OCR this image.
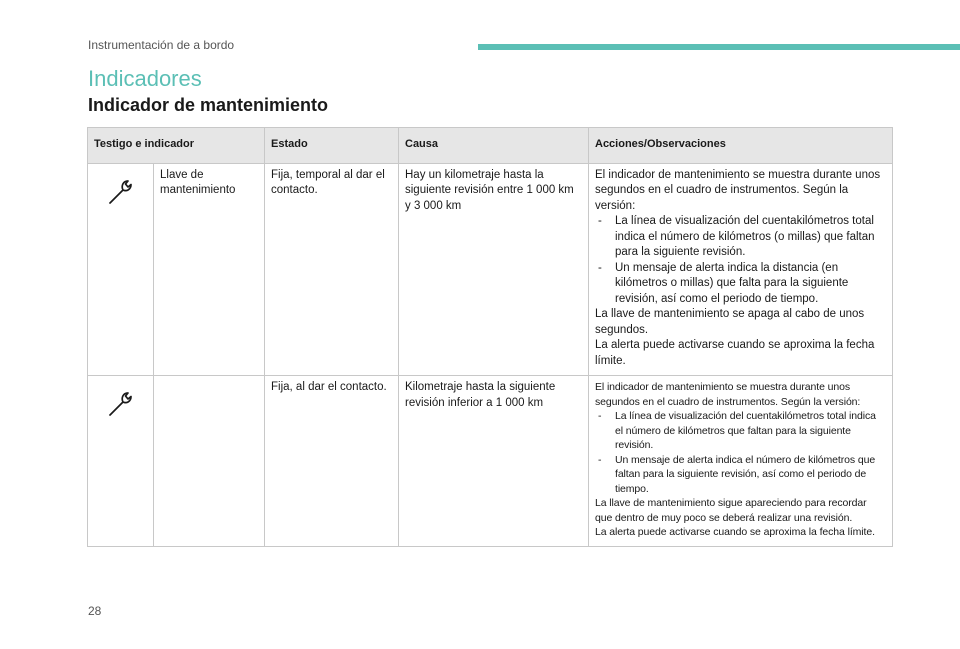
Instrumentación de a bordo
Indicadores
Indicador de mantenimiento
Testigo e indicador		Estado	Causa	Acciones/Observaciones

	Llave de mantenimiento	Fija, temporal al dar el contacto.	Hay un kilometraje hasta la siguiente revisión entre 1 000 km y 3 000 km	El indicador de mantenimiento se muestra durante unos segundos en el cuadro de instrumentos. Según la versión:

- La línea de visualización del cuentakilómetros total indica el número de kilómetros (o millas) que faltan para la siguiente revisión.

- Un mensaje de alerta indica la distancia (en kilómetros o millas) que falta para la siguiente revisión, así como el periodo de tiempo.

La llave de mantenimiento se apaga al cabo de unos segundos.

La alerta puede activarse cuando se aproxima la fecha límite.

		Fija, al dar el contacto.	Kilometraje hasta la siguiente revisión inferior a 1 000 km	El indicador de mantenimiento se muestra durante unos segundos en el cuadro de instrumentos. Según la versión:

- La línea de visualización del cuentakilómetros total indica el número de kilómetros que faltan para la siguiente revisión.

- Un mensaje de alerta indica el número de kilómetros que faltan para la siguiente revisión, así como el periodo de tiempo.

La llave de mantenimiento sigue apareciendo para recordar que dentro de muy poco se deberá realizar una revisión.

La alerta puede activarse cuando se aproxima la fecha límite.

28
